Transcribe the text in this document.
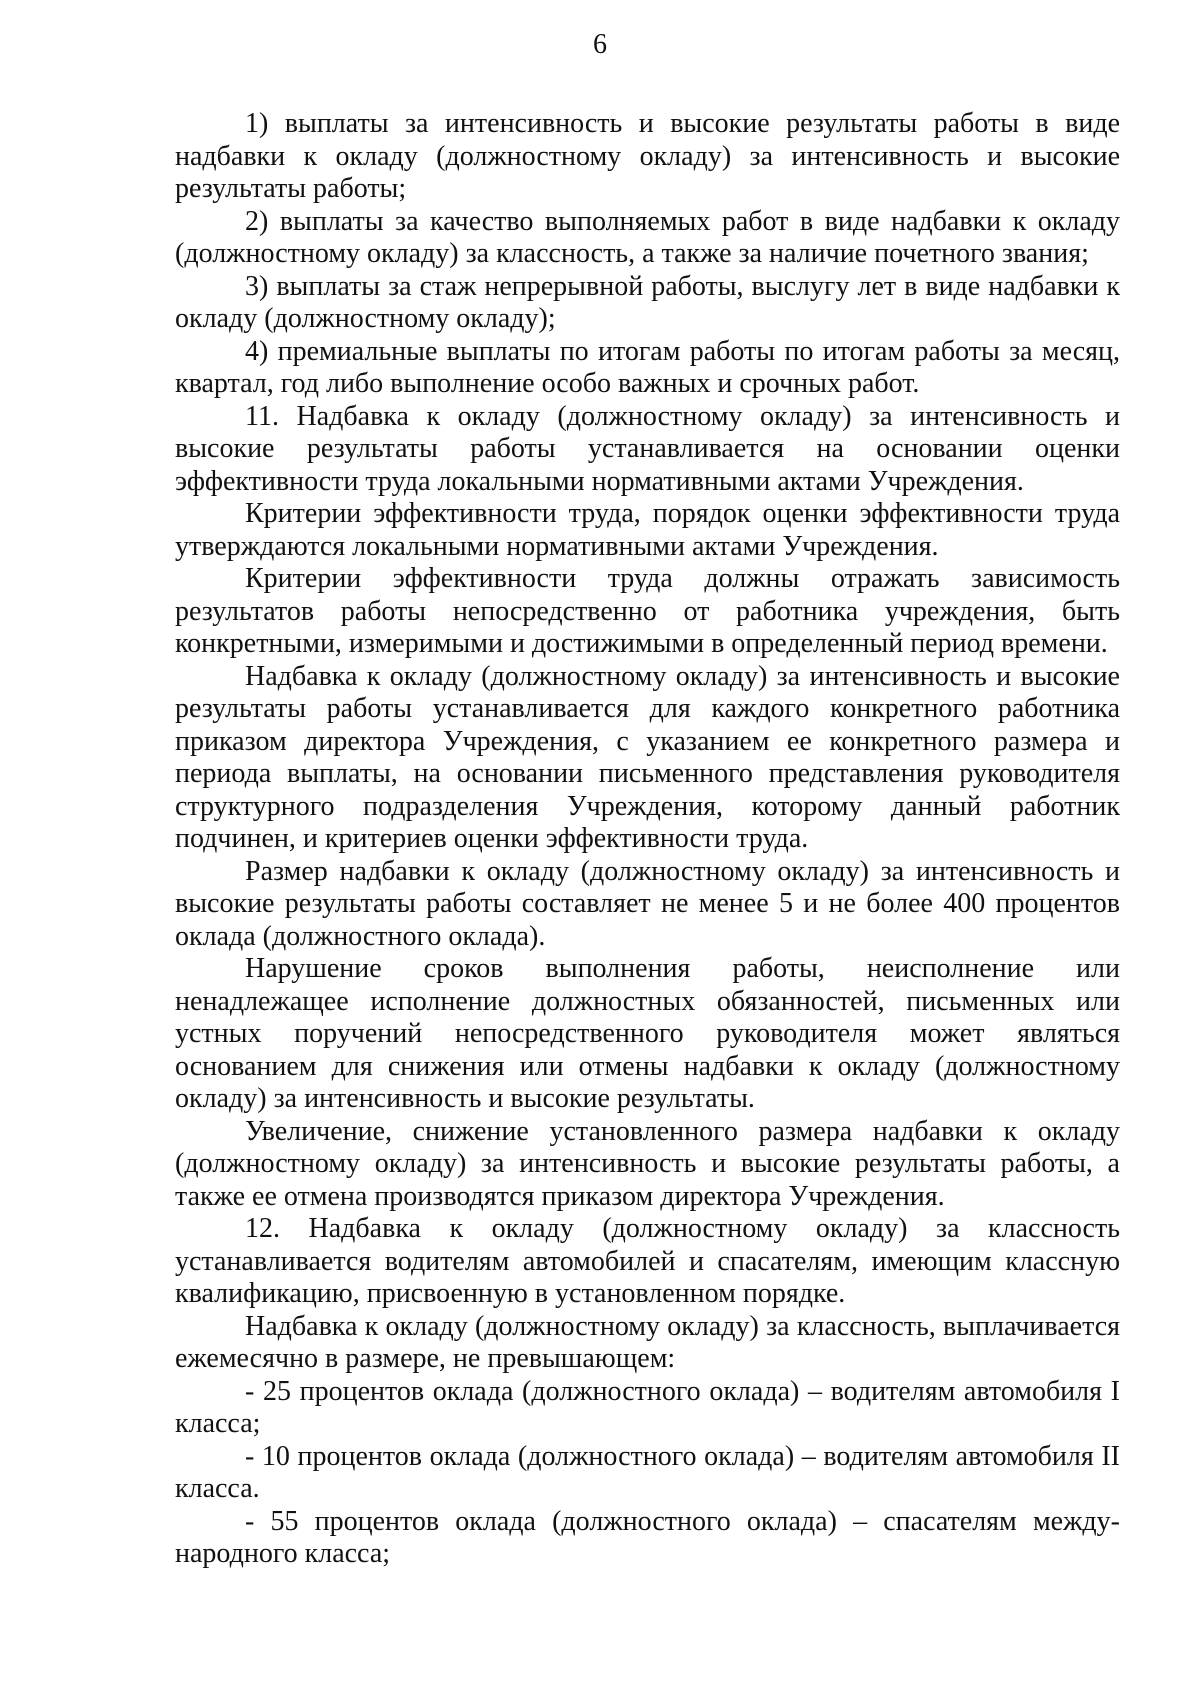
6

1) выплаты за интенсивность и высокие результаты работы в виде надбавки к окладу (должностному окладу) за интенсивность и высокие результаты работы;

2) выплаты за качество выполняемых работ в виде надбавки к окладу (должностному окладу) за классность, а также за наличие почетного звания;

3) выплаты за стаж непрерывной работы, выслугу лет в виде надбавки к окладу (должностному окладу);

4) премиальные выплаты по итогам работы по итогам работы за месяц, квартал, год либо выполнение особо важных и срочных работ.

11. Надбавка к окладу (должностному окладу) за интенсивность и высокие результаты работы устанавливается на основании оценки эффективности труда локальными нормативными актами Учреждения.

Критерии эффективности труда, порядок оценки эффективности труда утверждаются локальными нормативными актами Учреждения.

Критерии эффективности труда должны отражать зависимость результатов работы непосредственно от работника учреждения, быть конкретными, измеримыми и достижимыми в определенный период времени.

Надбавка к окладу (должностному окладу) за интенсивность и высокие результаты работы устанавливается для каждого конкретного работника приказом директора Учреждения, с указанием ее конкретного размера и периода выплаты, на основании письменного представления руководителя структурного подразделения Учреждения, которому данный работник подчинен, и критериев оценки эффективности труда.

Размер надбавки к окладу (должностному окладу) за интенсивность и высокие результаты работы составляет не менее 5 и не более 400 процентов оклада (должностного оклада).

Нарушение сроков выполнения работы, неисполнение или ненадлежащее исполнение должностных обязанностей, письменных или устных поручений непосредственного руководителя может являться основанием для снижения или отмены надбавки к окладу (должностному окладу) за интенсивность и высокие результаты.

Увеличение, снижение установленного размера надбавки к окладу (должностному окладу) за интенсивность и высокие результаты работы, а также ее отмена производятся приказом директора Учреждения.

12. Надбавка к окладу (должностному окладу) за классность устанавливается водителям автомобилей и спасателям, имеющим классную квалификацию, присвоенную в установленном порядке.

Надбавка к окладу (должностному окладу) за классность, выплачивается ежемесячно в размере, не превышающем:

- 25 процентов оклада (должностного оклада) – водителям автомобиля I класса;

- 10 процентов оклада (должностного оклада) – водителям автомобиля II класса.

- 55 процентов оклада (должностного оклада) – спасателям между-народного класса;
